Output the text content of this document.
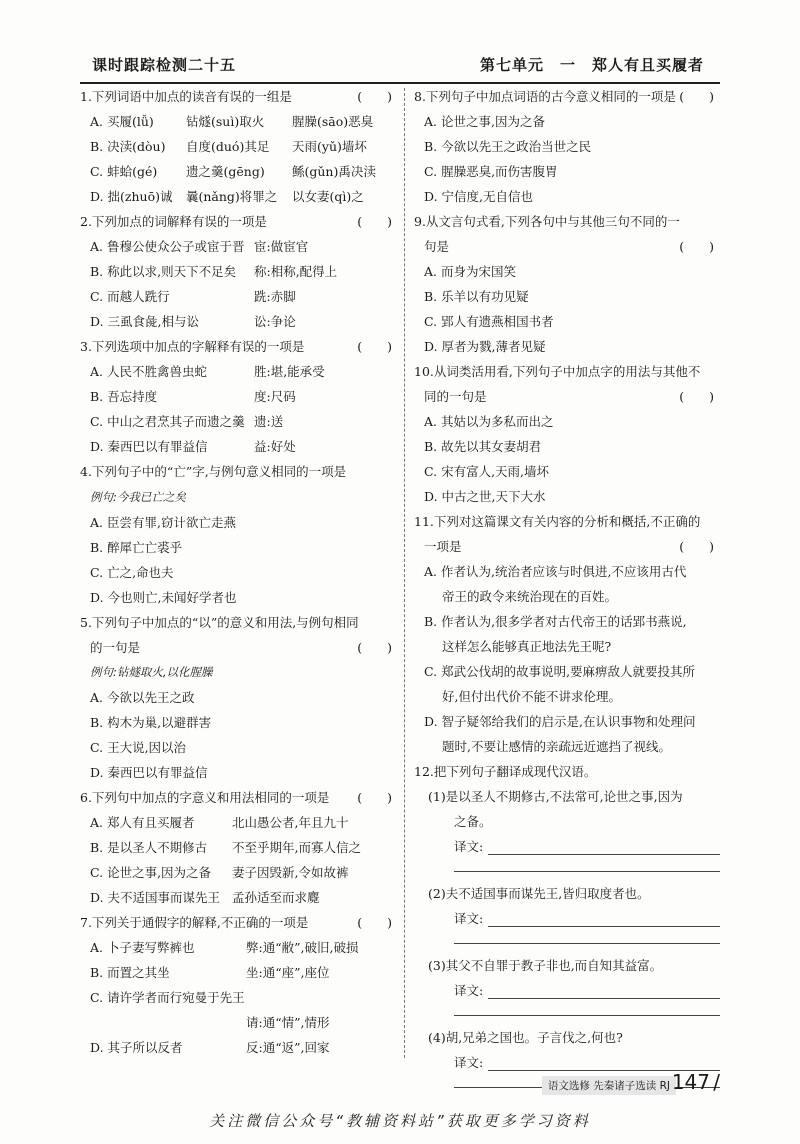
课时跟踪检测二十五	第七单元　一　郑人有且买履者
1.下列词语中加点的读音有误的一组是	(　　)
A. 买履(lǚ)	钻燧(suì)取火 腥臊(sāo)恶臭
B. 决渎(dòu) 自度(duó)其足 天雨(yǔ)墙坏
C. 蚌蛤(gé) 遗之羹(gēng) 鲧(gǔn)禹决渎
D. 拙(zhuō)诚 曩(nǎng)将罪之 以女妻(qì)之
2.下列加点的词解释有误的一项是	(　　)
A. 鲁穆公使众公子或宦于晋 宦:做宦官
B. 称此以求,则天下不足矣 称:相称,配得上
C. 而越人跣行	跣:赤脚
D. 三虱食彘,相与讼	讼:争论
3.下列选项中加点的字解释有误的一项是	(　　)
A. 人民不胜禽兽虫蛇	胜:堪,能承受
B. 吾忘持度	度:尺码
C. 中山之君烹其子而遗之羹 遗:送
D. 秦西巴以有罪益信	益:好处
4.下列句子中的“亡”字,与例句意义相同的一项是
例句:今我已亡之矣
A. 臣尝有罪,窃计欲亡走燕
B. 醉犀亡亡裘乎
C. 亡之,命也夫
D. 今也则亡,未闻好学者也
5.下列句子中加点的“以”的意义和用法,与例句相同
的一句是	(　　)
例句:钻燧取火,以化腥臊
A. 今欲以先王之政
B. 构木为巢,以避群害
C. 王大说,因以治
D. 秦西巴以有罪益信
6.下列句中加点的字意义和用法相同的一项是 (　　)
A. 郑人有且买履者	北山愚公者,年且九十
B. 是以圣人不期修古 不至乎期年,而寡人信之
C. 论世之事,因为之备 妻子因毁新,令如故裤
D. 夫不适国事而谋先王 孟孙适至而求麑
7.下列关于通假字的解释,不正确的一项是	(　　)
A. 卜子妻写弊裤也	弊:通“敝”,破旧,破损
B. 而置之其坐	坐:通“座”,座位
C. 请许学者而行宛曼于先王
请:通“情”,情形

D. 其子所以反者	反:通“返”,回家
8.下列句子中加点词语的古今意义相同的一项是 (　　)
A. 论世之事,因为之备
B. 今欲以先王之政治当世之民
C. 腥臊恶臭,而伤害腹胃
D. 宁信度,无自信也
9.从文言句式看,下列各句中与其他三句不同的一
句是	(　　)
A. 而身为宋国笑
B. 乐羊以有功见疑
C. 郢人有遗燕相国书者
D. 厚者为戮,薄者见疑
10.从词类活用看,下列句子中加点字的用法与其他不
同的一句是	(　　)
A. 其姑以为多私而出之
B. 故先以其女妻胡君
C. 宋有富人,天雨,墙坏
D. 中古之世,天下大水
11.下列对这篇课文有关内容的分析和概括,不正确的
一项是	(　　)
A. 作者认为,统治者应该与时俱进,不应该用古代
帝王的政令来统治现在的百姓。
B. 作者认为,很多学者对古代帝王的话郢书燕说,
这样怎么能够真正地法先王呢?
C. 郑武公伐胡的故事说明,要麻痹敌人就要投其所
好,但付出代价不能不讲求伦理。
D. 智子疑邻给我们的启示是,在认识事物和处理问
题时,不要让感情的亲疏远近遮挡了视线。
12.把下列句子翻译成现代汉语。
(1)是以圣人不期修古,不法常可,论世之事,因为
之备。
译文:
(2)夫不适国事而谋先王,皆归取度者也。
译文:
(3)其父不自罪于教子非也,而自知其益富。
译文:
(4)胡,兄弟之国也。子言伐之,何也?
译文:
语文选修 先秦诸子选读 RJ 147 /
关注微信公众号“教辅资料站”获取更多学习资料
